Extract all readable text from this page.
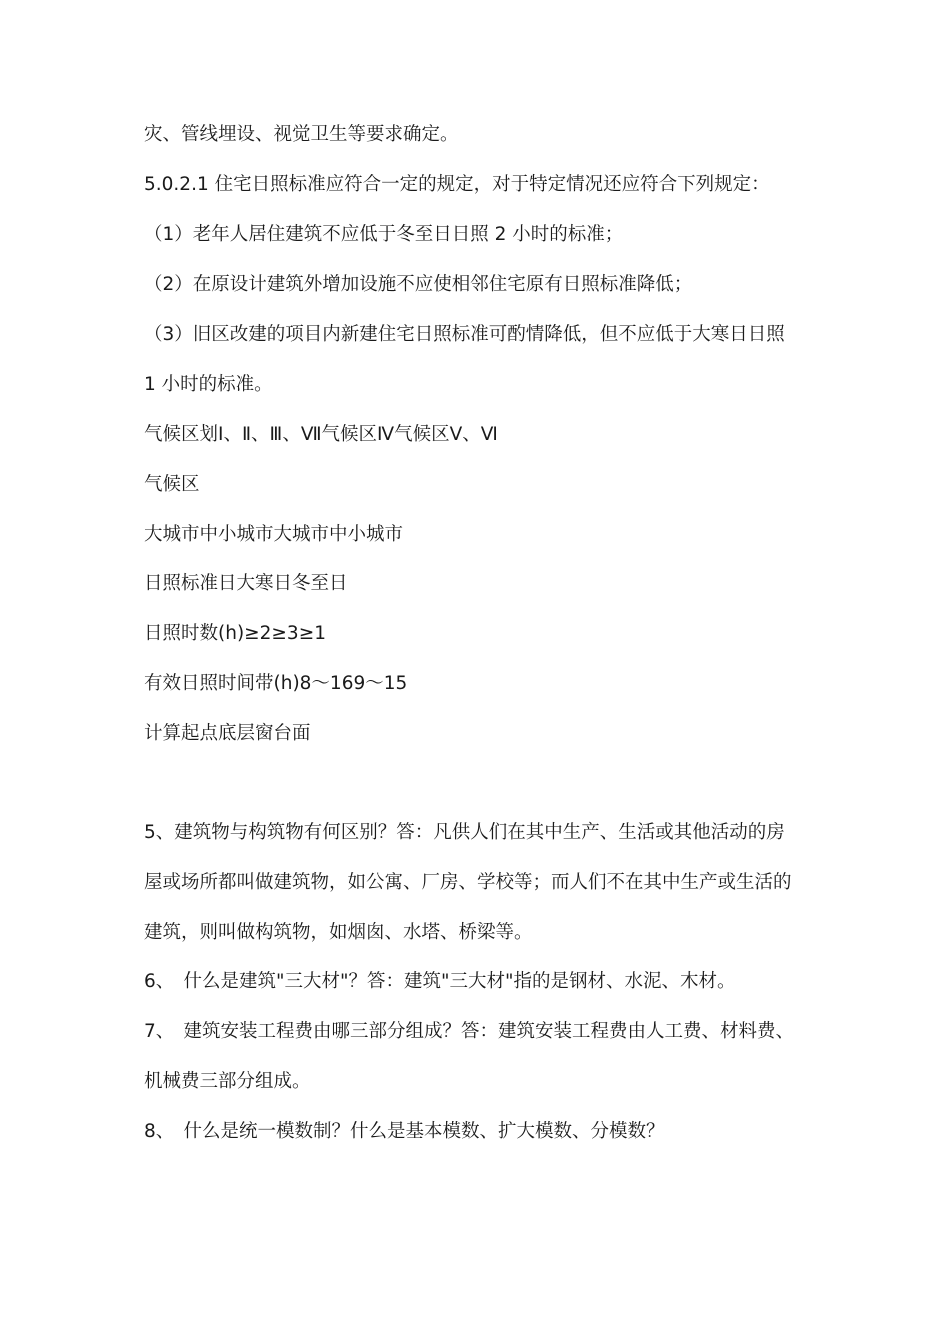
灾、管线埋设、视觉卫生等要求确定。
5.0.2.1 住宅日照标准应符合一定的规定，对于特定情况还应符合下列规定：
（1）老年人居住建筑不应低于冬至日日照 2 小时的标准；
（2）在原设计建筑外增加设施不应使相邻住宅原有日照标准降低；
（3）旧区改建的项目内新建住宅日照标准可酌情降低，但不应低于大寒日日照
1 小时的标准。
气候区划Ⅰ、Ⅱ、Ⅲ、Ⅶ气候区Ⅳ气候区Ⅴ、Ⅵ
气候区
大城市中小城市大城市中小城市
日照标准日大寒日冬至日
日照时数(h)≥2≥3≥1
有效日照时间带(h)8～169～15
计算起点底层窗台面
5、建筑物与构筑物有何区别？答：凡供人们在其中生产、生活或其他活动的房
屋或场所都叫做建筑物，如公寓、厂房、学校等；而人们不在其中生产或生活的
建筑，则叫做构筑物，如烟囱、水塔、桥梁等。
6、　什么是建筑"三大材"？答：建筑"三大材"指的是钢材、水泥、木材。
7、　建筑安装工程费由哪三部分组成？答：建筑安装工程费由人工费、材料费、
机械费三部分组成。
8、　什么是统一模数制？什么是基本模数、扩大模数、分模数？
